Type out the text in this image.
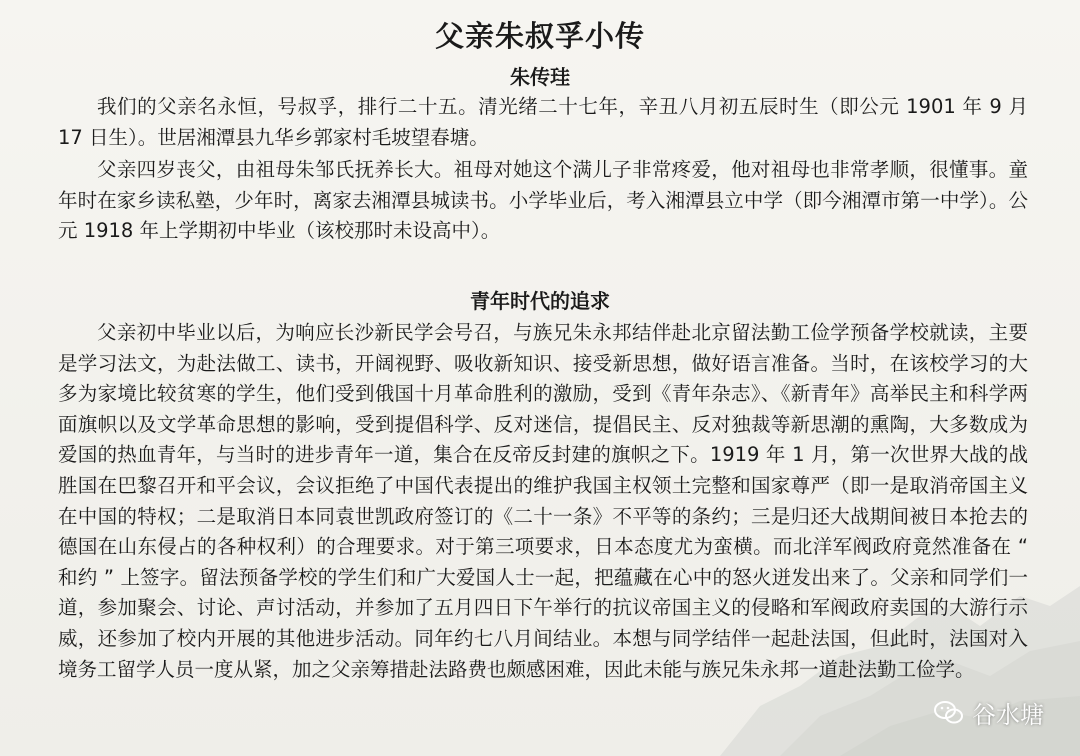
父亲朱叔孚小传
朱传珪
我们的父亲名永恒，号叔孚，排行二十五。清光绪二十七年，辛丑八月初五辰时生（即公元 1901 年 9 月 17 日生）。世居湘潭县九华乡郭家村毛坡望春塘。
父亲四岁丧父，由祖母朱邹氏抚养长大。祖母对她这个满儿子非常疼爱，他对祖母也非常孝顺，很懂事。童年时在家乡读私塾，少年时，离家去湘潭县城读书。小学毕业后，考入湘潭县立中学（即今湘潭市第一中学）。公元 1918 年上学期初中毕业（该校那时未设高中）。
青年时代的追求
父亲初中毕业以后，为响应长沙新民学会号召，与族兄朱永邦结伴赴北京留法勤工俭学预备学校就读，主要是学习法文，为赴法做工、读书，开阔视野、吸收新知识、接受新思想，做好语言准备。当时，在该校学习的大多为家境比较贫寒的学生，他们受到俄国十月革命胜利的激励，受到《青年杂志》、《新青年》高举民主和科学两面旗帜以及文学革命思想的影响，受到提倡科学、反对迷信，提倡民主、反对独裁等新思潮的熏陶，大多数成为爱国的热血青年，与当时的进步青年一道，集合在反帝反封建的旗帜之下。1919 年 1 月，第一次世界大战的战胜国在巴黎召开和平会议，会议拒绝了中国代表提出的维护我国主权领土完整和国家尊严（即一是取消帝国主义在中国的特权；二是取消日本同袁世凯政府签订的《二十一条》不平等的条约；三是归还大战期间被日本抢去的德国在山东侵占的各种权利）的合理要求。对于第三项要求，日本态度尤为蛮横。而北洋军阀政府竟然准备在 “ 和约 ” 上签字。留法预备学校的学生们和广大爱国人士一起，把蕴藏在心中的怒火迸发出来了。父亲和同学们一道，参加聚会、讨论、声讨活动，并参加了五月四日下午举行的抗议帝国主义的侵略和军阀政府卖国的大游行示威，还参加了校内开展的其他进步活动。同年约七八月间结业。本想与同学结伴一起赴法国，但此时，法国对入境务工留学人员一度从紧，加之父亲筹措赴法路费也颇感困难，因此未能与族兄朱永邦一道赴法勤工俭学。
谷水塘
